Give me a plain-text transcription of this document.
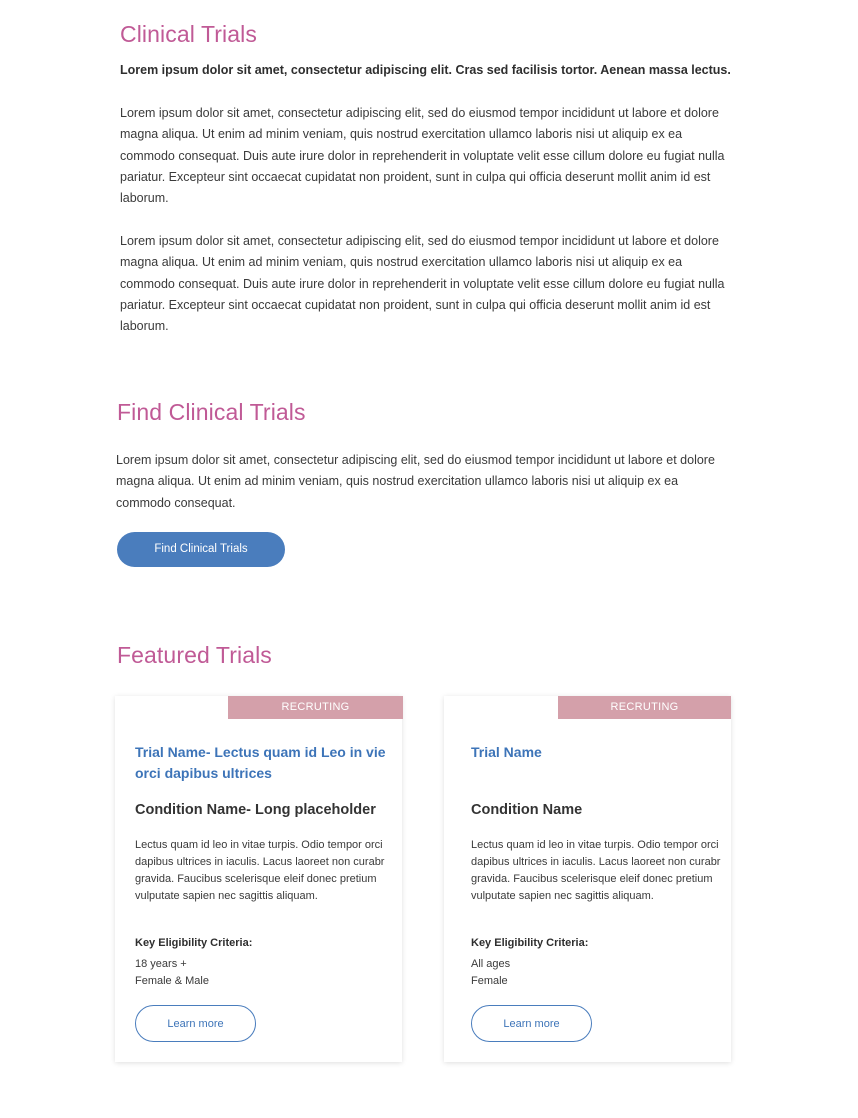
Clinical Trials

Lorem ipsum dolor sit amet, consectetur adipiscing elit. Cras sed facilisis tortor. Aenean massa lectus.

Lorem ipsum dolor sit amet, consectetur adipiscing elit, sed do eiusmod tempor incididunt ut labore et dolore magna aliqua. Ut enim ad minim veniam, quis nostrud exercitation ullamco laboris nisi ut aliquip ex ea commodo consequat. Duis aute irure dolor in reprehenderit in voluptate velit esse cillum dolore eu fugiat nulla pariatur. Excepteur sint occaecat cupidatat non proident, sunt in culpa qui officia deserunt mollit anim id est laborum.

Lorem ipsum dolor sit amet, consectetur adipiscing elit, sed do eiusmod tempor incididunt ut labore et dolore magna aliqua. Ut enim ad minim veniam, quis nostrud exercitation ullamco laboris nisi ut aliquip ex ea commodo consequat. Duis aute irure dolor in reprehenderit in voluptate velit esse cillum dolore eu fugiat nulla pariatur. Excepteur sint occaecat cupidatat non proident, sunt in culpa qui officia deserunt mollit anim id est laborum.

Find Clinical Trials

Lorem ipsum dolor sit amet, consectetur adipiscing elit, sed do eiusmod tempor incididunt ut labore et dolore magna aliqua. Ut enim ad minim veniam, quis nostrud exercitation ullamco laboris nisi ut aliquip ex ea commodo consequat.

Find Clinical Trials
Featured Trials
RECRUTING
Trial Name- Lectus quam id Leo in vie orci dapibus ultrices
Condition Name- Long placeholder
Lectus quam id leo in vitae turpis. Odio tempor orci dapibus ultrices in iaculis. Lacus laoreet non curabr gravida. Faucibus scelerisque eleif donec pretium vulputate sapien nec sagittis aliquam.
Key Eligibility Criteria:
18 years +
Female & Male
Learn more
RECRUTING
Trial Name
Condition Name
Lectus quam id leo in vitae turpis. Odio tempor orci dapibus ultrices in iaculis. Lacus laoreet non curabr gravida. Faucibus scelerisque eleif donec pretium vulputate sapien nec sagittis aliquam.
Key Eligibility Criteria:
All ages
Female
Learn more
